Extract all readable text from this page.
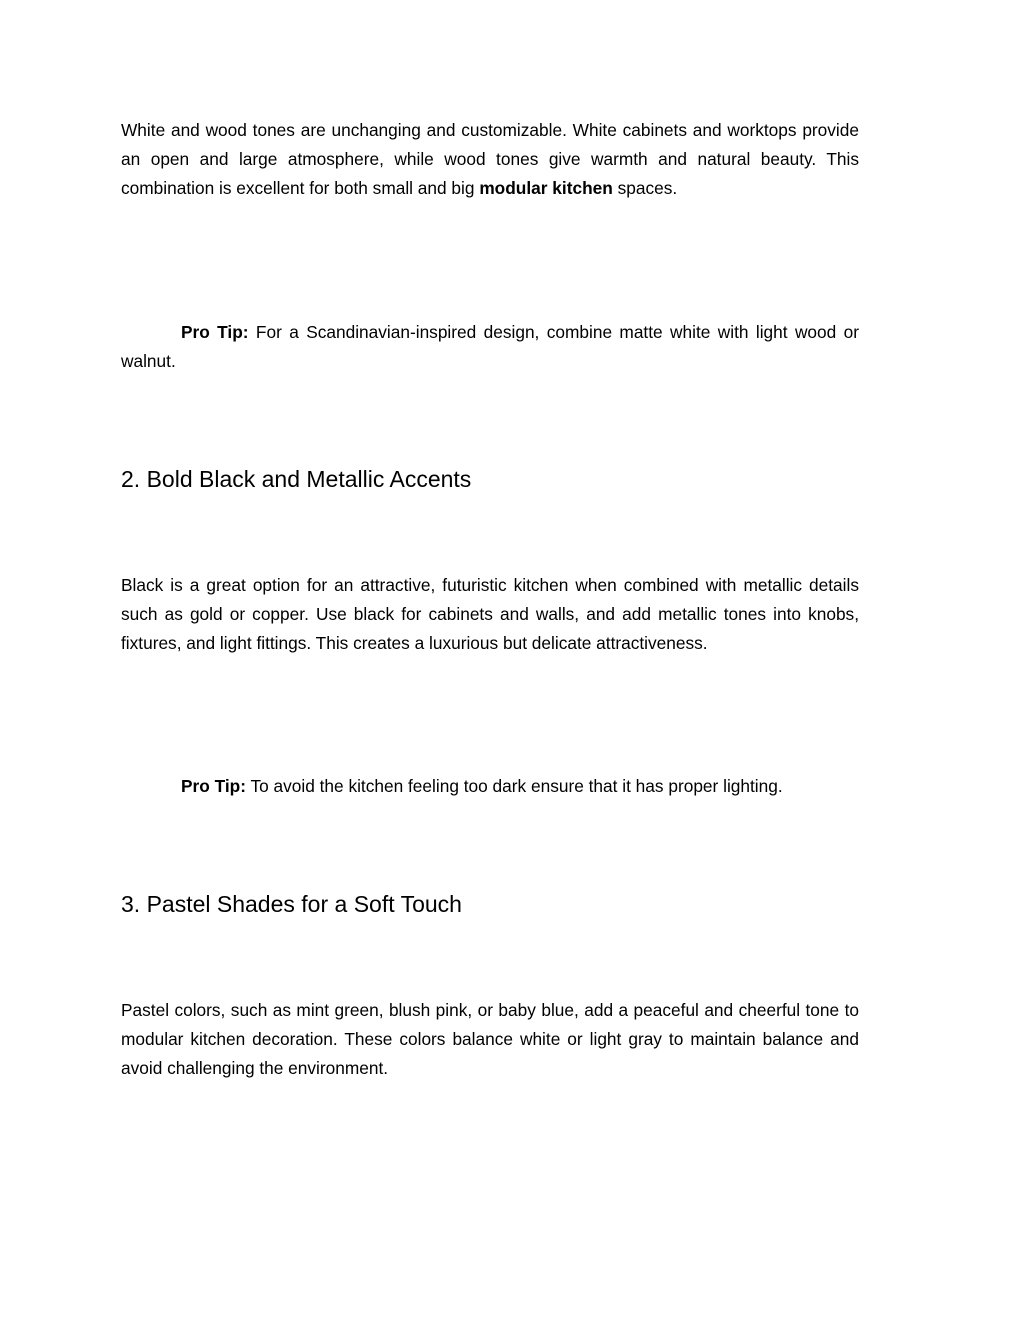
White and wood tones are unchanging and customizable. White cabinets and worktops provide an open and large atmosphere, while wood tones give warmth and natural beauty. This combination is excellent for both small and big modular kitchen spaces.

Pro Tip: For a Scandinavian-inspired design, combine matte white with light wood or walnut.

2. Bold Black and Metallic Accents

Black is a great option for an attractive, futuristic kitchen when combined with metallic details such as gold or copper. Use black for cabinets and walls, and add metallic tones into knobs, fixtures, and light fittings. This creates a luxurious but delicate attractiveness.

Pro Tip: To avoid the kitchen feeling too dark ensure that it has proper lighting.

3. Pastel Shades for a Soft Touch

Pastel colors, such as mint green, blush pink, or baby blue, add a peaceful and cheerful tone to modular kitchen decoration. These colors balance white or light gray to maintain balance and avoid challenging the environment.
